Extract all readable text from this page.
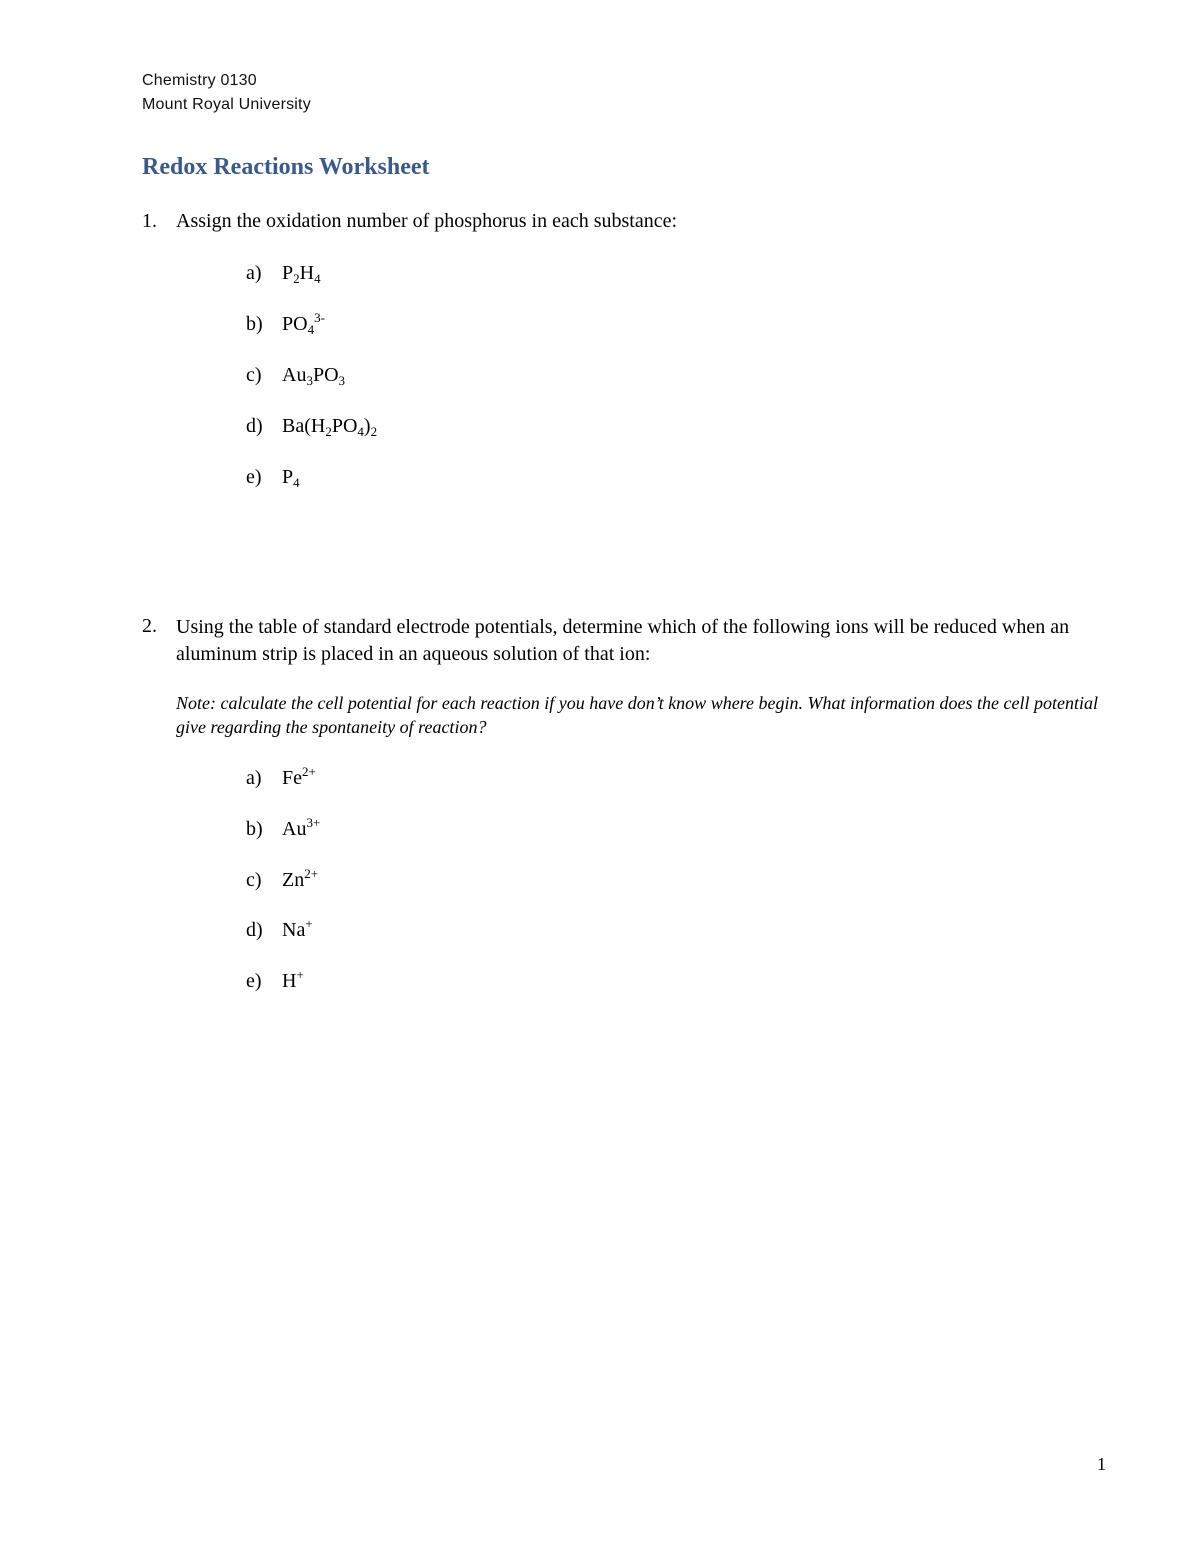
Chemistry 0130
Mount Royal University
Redox Reactions Worksheet
1. Assign the oxidation number of phosphorus in each substance:
a) $P_2H_4$
b) $PO_4^{3-}$
c) $Au_3PO_3$
d) $Ba(H_2PO_4)_2$
e) $P_4$
2. Using the table of standard electrode potentials, determine which of the following ions will be reduced when an aluminum strip is placed in an aqueous solution of that ion:
Note: calculate the cell potential for each reaction if you have don’t know where begin. What information does the cell potential give regarding the spontaneity of reaction?
a) $Fe^{2+}$
b) $Au^{3+}$
c) $Zn^{2+}$
d) Na+
e) H+
1
